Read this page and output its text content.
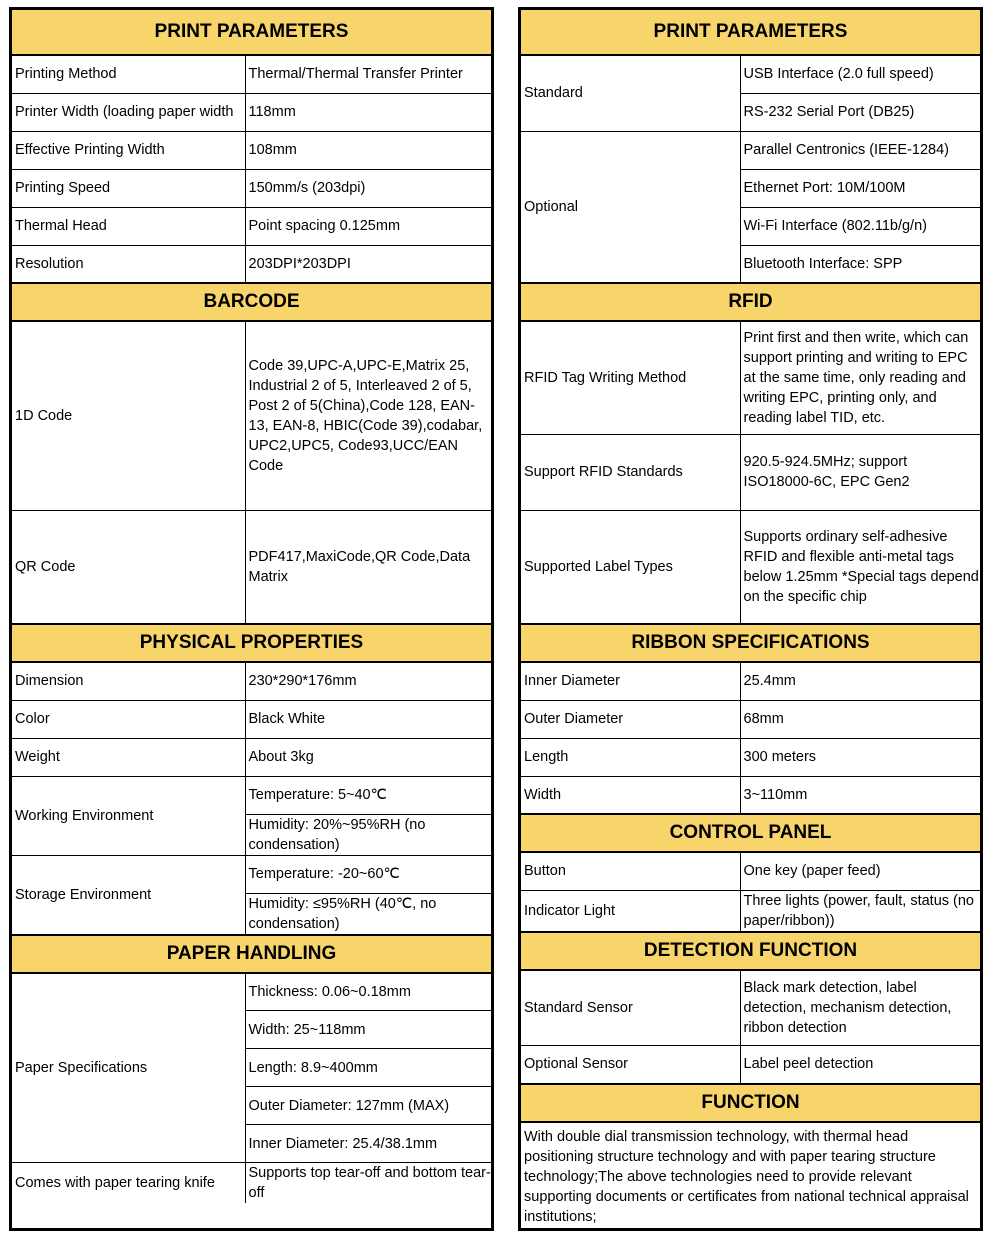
PRINT PARAMETERS	
Printing Method	Thermal/Thermal Transfer Printer
Printer Width (loading paper width	118mm
Effective Printing Width	108mm
Printing Speed	150mm/s (203dpi)
Thermal Head	Point spacing 0.125mm
Resolution	203DPI*203DPI
BARCODE	
1D Code	Code 39,UPC-A,UPC-E,Matrix 25, Industrial 2 of 5, Interleaved 2 of 5, Post 2 of 5(China),Code 128, EAN-13, EAN-8, HBIC(Code 39),codabar, UPC2,UPC5, Code93,UCC/EAN Code
QR Code	PDF417,MaxiCode,QR Code,Data Matrix
PHYSICAL PROPERTIES	
Dimension	230*290*176mm
Color	Black White
Weight	About 3kg
Working Environment	Temperature: 5~40℃
	Humidity: 20%~95%RH (no condensation)
Storage Environment	Temperature: -20~60℃
	Humidity: ≤95%RH (40℃, no condensation)
PAPER HANDLING	
Paper Specifications	Thickness: 0.06~0.18mm
	Width: 25~118mm
	Length: 8.9~400mm
	Outer Diameter: 127mm (MAX)
	Inner Diameter: 25.4/38.1mm
Comes with paper tearing knife	Supports top tear-off and bottom tear-off
PRINT PARAMETERS	
Standard	USB Interface (2.0 full speed)
	RS-232 Serial Port (DB25)
Optional	Parallel Centronics (IEEE-1284)
	Ethernet Port: 10M/100M
	Wi-Fi Interface (802.11b/g/n)
	Bluetooth Interface: SPP
RFID	
RFID Tag Writing Method	Print first and then write, which can support printing and writing to EPC at the same time, only reading and writing EPC, printing only, and reading label TID, etc.
Support RFID Standards	920.5-924.5MHz; support ISO18000-6C, EPC Gen2
Supported Label Types	Supports ordinary self-adhesive RFID and flexible anti-metal tags below 1.25mm *Special tags depend on the specific chip
RIBBON SPECIFICATIONS	
Inner Diameter	25.4mm
Outer Diameter	68mm
Length	300 meters
Width	3~110mm
CONTROL PANEL	
Button	One key (paper feed)
Indicator Light	Three lights (power, fault, status (no paper/ribbon))
DETECTION FUNCTION	
Standard Sensor	Black mark detection, label detection, mechanism detection, ribbon detection
Optional Sensor	Label peel detection
FUNCTION	
With double dial transmission technology, with thermal head positioning structure technology and with paper tearing structure technology;The above technologies need to provide relevant supporting documents or certificates from national technical appraisal institutions;	
